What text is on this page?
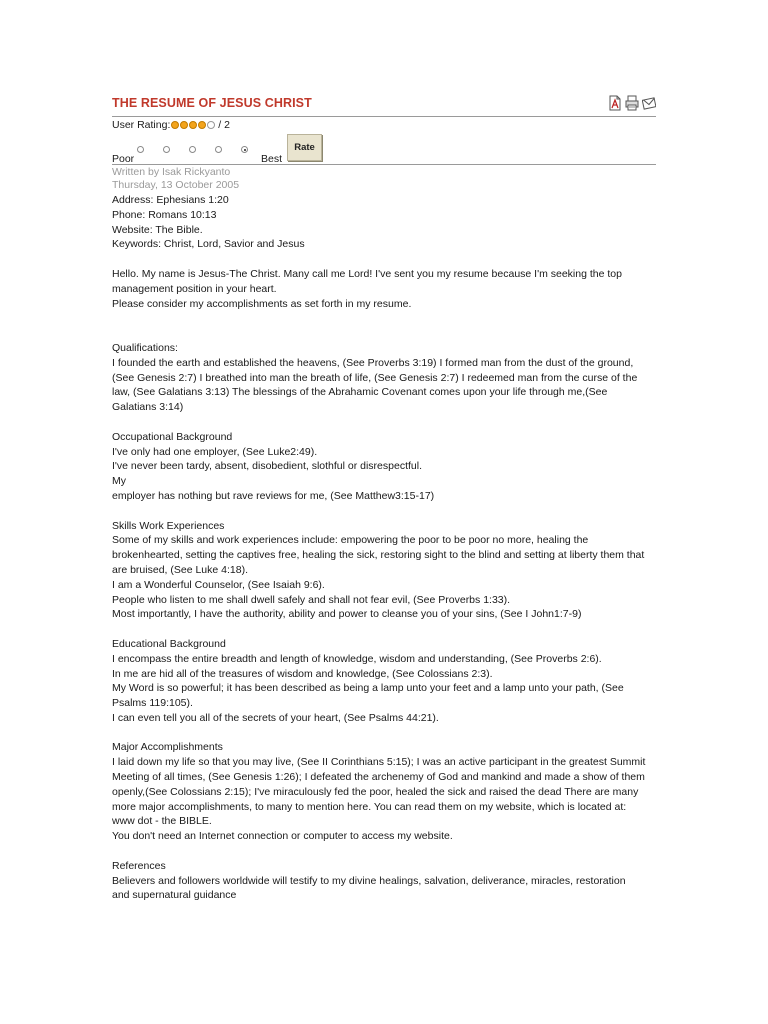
THE RESUME OF JESUS CHRIST
User Rating:	/ 2
Poor	Best
Rate
Written by Isak Rickyanto
Thursday, 13 October 2005
Address: Ephesians 1:20
Phone: Romans 10:13
Website: The Bible.
Keywords: Christ, Lord, Savior and Jesus
Hello. My name is Jesus-The Christ. Many call me Lord! I've sent you my resume because I'm seeking the top
management position in your heart.
Please consider my accomplishments as set forth in my resume.
Qualifications:
I founded the earth and established the heavens, (See Proverbs 3:19) I formed man from the dust of the ground,
(See Genesis 2:7) I breathed into man the breath of life, (See Genesis 2:7) I redeemed man from the curse of the
law, (See Galatians 3:13) The blessings of the Abrahamic Covenant comes upon your life through me,(See
Galatians 3:14)
Occupational Background
I've only had one employer, (See Luke2:49).
I've never been tardy, absent, disobedient, slothful or disrespectful.
My
employer has nothing but rave reviews for me, (See Matthew3:15-17)
Skills Work Experiences
Some of my skills and work experiences include: empowering the poor to be poor no more, healing the
brokenhearted, setting the captives free, healing the sick, restoring sight to the blind and setting at liberty them that
are bruised, (See Luke 4:18).
I am a Wonderful Counselor, (See Isaiah 9:6).
People who listen to me shall dwell safely and shall not fear evil, (See Proverbs 1:33).
Most importantly, I have the authority, ability and power to cleanse you of your sins, (See I John1:7-9)
Educational Background
I encompass the entire breadth and length of knowledge, wisdom and understanding, (See Proverbs 2:6).
In me are hid all of the treasures of wisdom and knowledge, (See Colossians 2:3).
My Word is so powerful; it has been described as being a lamp unto your feet and a lamp unto your path, (See
Psalms 119:105).
I can even tell you all of the secrets of your heart, (See Psalms 44:21).
Major Accomplishments
I laid down my life so that you may live, (See II Corinthians 5:15); I was an active participant in the greatest Summit
Meeting of all times, (See Genesis 1:26); I defeated the archenemy of God and mankind and made a show of them
openly,(See Colossians 2:15); I've miraculously fed the poor, healed the sick and raised the dead There are many
more major accomplishments, to many to mention here. You can read them on my website, which is located at:
www dot - the BIBLE.
You don't need an Internet connection or computer to access my website.
References
Believers and followers worldwide will testify to my divine healings, salvation, deliverance, miracles, restoration
and supernatural guidance
